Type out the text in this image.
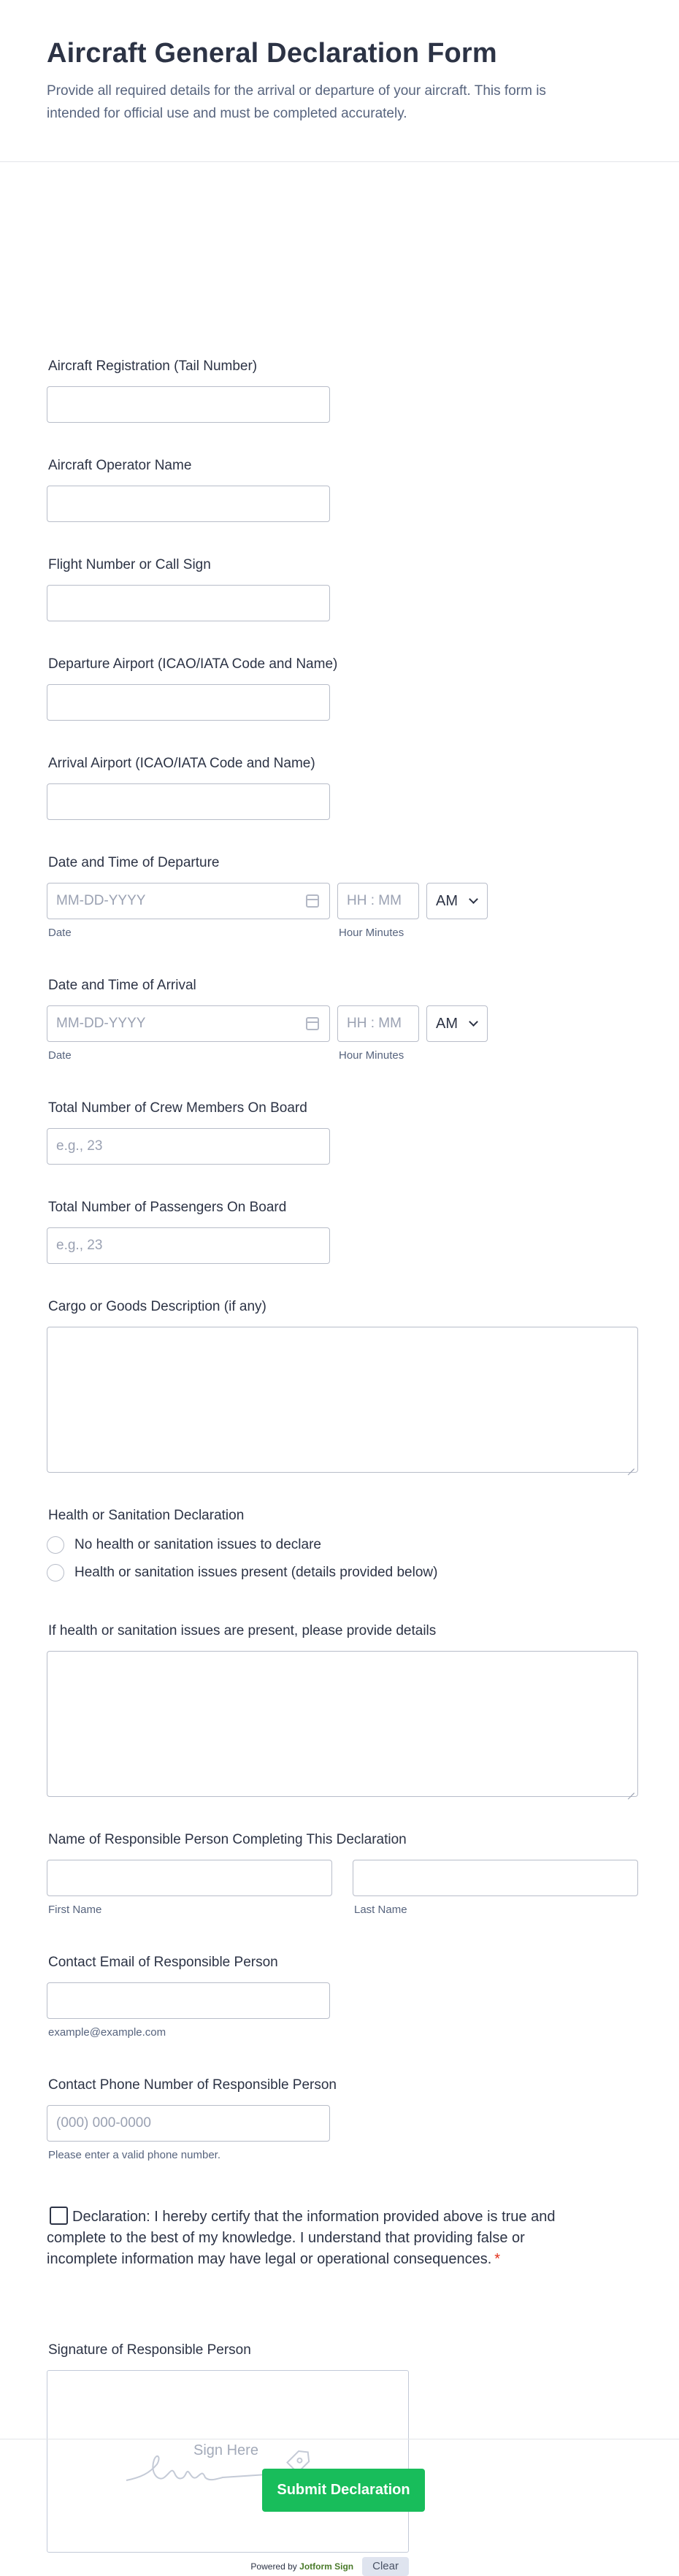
Aircraft General Declaration Form

Provide all required details for the arrival or departure of your aircraft. This form is intended for official use and must be completed accurately.

Aircraft Registration (Tail Number)
Aircraft Operator Name
Flight Number or Call Sign
Departure Airport (ICAO/IATA Code and Name)
Arrival Airport (ICAO/IATA Code and Name)
Date and Time of Departure
MM-DD-YYYY	HH : MM	AM
Date	Hour Minutes
Date and Time of Arrival
MM-DD-YYYY	HH : MM	AM
Date	Hour Minutes
Total Number of Crew Members On Board
e.g., 23
Total Number of Passengers On Board
e.g., 23
Cargo or Goods Description (if any)
Health or Sanitation Declaration
No health or sanitation issues to declare
Health or sanitation issues present (details provided below)
If health or sanitation issues are present, please provide details
Name of Responsible Person Completing This Declaration
First Name	Last Name
Contact Email of Responsible Person
example@example.com
Contact Phone Number of Responsible Person
(000) 000-0000
Please enter a valid phone number.
Declaration: I hereby certify that the information provided above is true and complete to the best of my knowledge. I understand that providing false or incomplete information may have legal or operational consequences. *
Signature of Responsible Person
Sign Here
Powered by Jotform Sign	Clear
Submit Declaration
